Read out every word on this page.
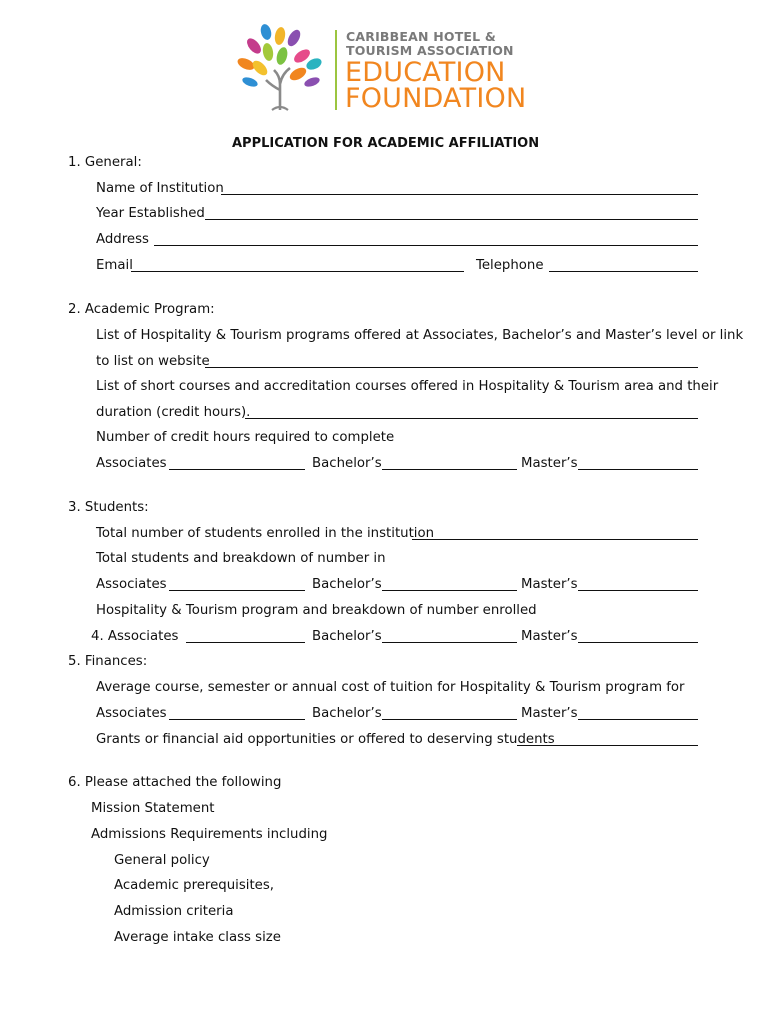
CARIBBEAN HOTEL &
TOURISM ASSOCIATION
EDUCATION
FOUNDATION
APPLICATION FOR ACADEMIC AFFILIATION
1. General:
Name of Institution
Year Established
Address
Email	Telephone
2. Academic Program:
List of Hospitality & Tourism programs offered at Associates, Bachelor’s and Master’s level or link
to list on website
List of short courses and accreditation courses offered in Hospitality & Tourism area and their
duration (credit hours).
Number of credit hours required to complete
Associates	Bachelor’s	Master’s
3. Students:
Total number of students enrolled in the institution
Total students and breakdown of number in
Associates	Bachelor’s	Master’s
Hospitality & Tourism program and breakdown of number enrolled
4. Associates	Bachelor’s	Master’s
5. Finances:
Average course, semester or annual cost of tuition for Hospitality & Tourism program for
Associates	Bachelor’s	Master’s
Grants or financial aid opportunities or offered to deserving students
6. Please attached the following
Mission Statement
Admissions Requirements including
General policy
Academic prerequisites,
Admission criteria
Average intake class size
